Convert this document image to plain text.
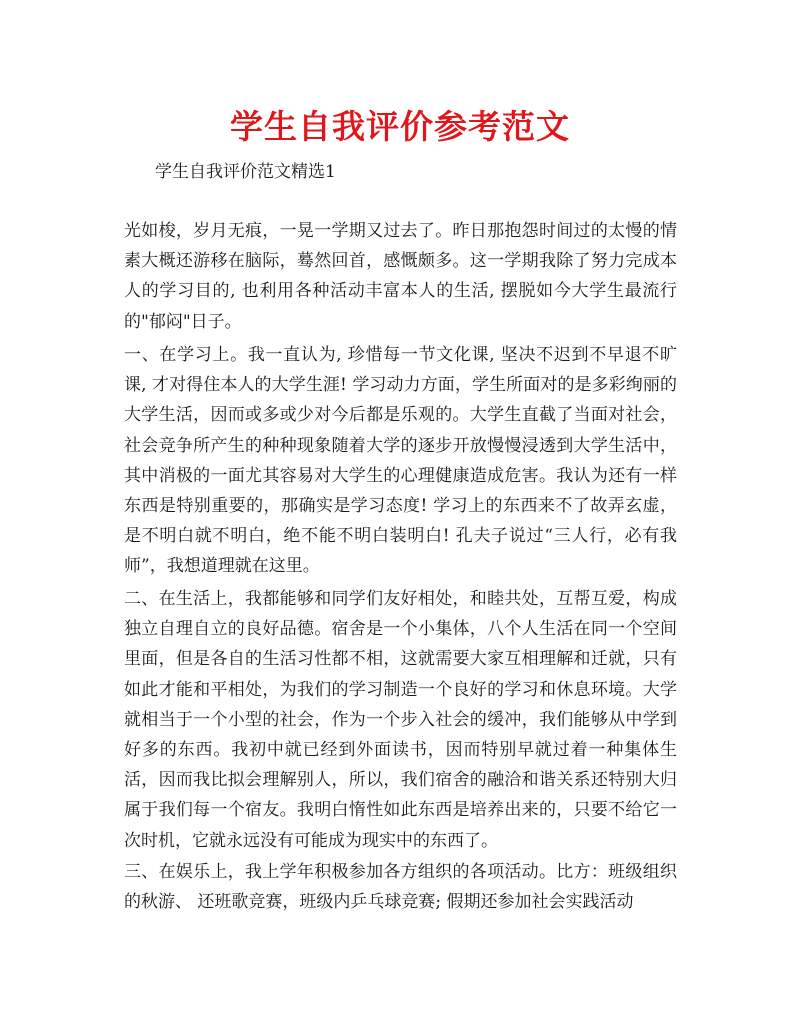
学生自我评价参考范文

学生自我评价范文精选1

光如梭，岁月无痕，一晃一学期又过去了。昨日那抱怨时间过的太慢的情素大概还游移在脑际，蓦然回首，感慨颇多。这一学期我除了努力完成本人的学习目的, 也利用各种活动丰富本人的生活, 摆脱如今大学生最流行的"郁闷"日子。

一、在学习上。我一直认为, 珍惜每一节文化课, 坚决不迟到不早退不旷课, 才对得住本人的大学生涯! 学习动力方面，学生所面对的是多彩绚丽的大学生活，因而或多或少对今后都是乐观的。大学生直截了当面对社会，社会竞争所产生的种种现象随着大学的逐步开放慢慢浸透到大学生活中，其中消极的一面尤其容易对大学生的心理健康造成危害。我认为还有一样东西是特别重要的，那确实是学习态度! 学习上的东西来不了故弄玄虚，是不明白就不明白，绝不能不明白装明白! 孔夫子说过“三人行，必有我师”，我想道理就在这里。

二、在生活上，我都能够和同学们友好相处，和睦共处，互帮互爱，构成独立自理自立的良好品德。宿舍是一个小集体，八个人生活在同一个空间里面，但是各自的生活习性都不相，这就需要大家互相理解和迁就，只有如此才能和平相处，为我们的学习制造一个良好的学习和休息环境。大学就相当于一个小型的社会，作为一个步入社会的缓冲，我们能够从中学到好多的东西。我初中就已经到外面读书，因而特别早就过着一种集体生活，因而我比拟会理解别人，所以，我们宿舍的融洽和谐关系还特别大归属于我们每一个宿友。我明白惰性如此东西是培养出来的，只要不给它一次时机，它就永远没有可能成为现实中的东西了。

三、在娱乐上，我上学年积极参加各方组织的各项活动。比方：班级组织的秋游、 还班歌竞赛，班级内乒乓球竞赛; 假期还参加社会实践活动
